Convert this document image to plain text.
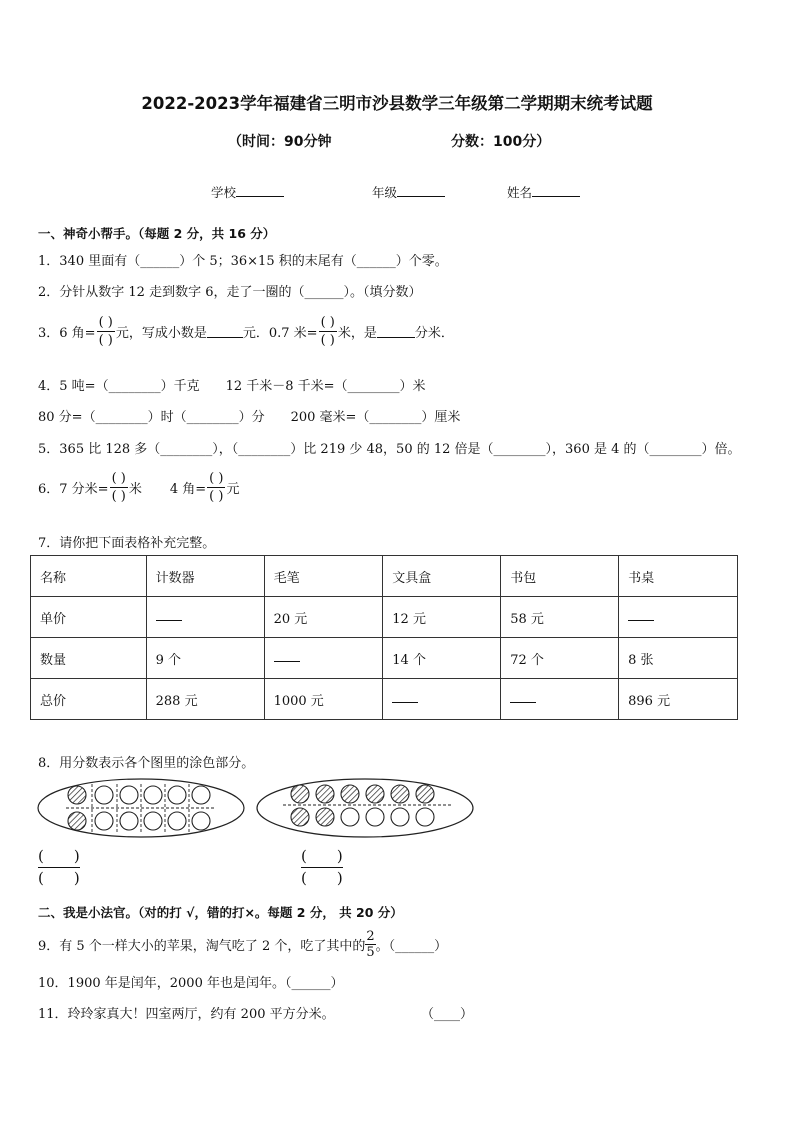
2022-2023学年福建省三明市沙县数学三年级第二学期期末统考试题
（时间：90分钟	分数：100分）
学校	年级	姓名
一、神奇小帮手。（每题 2 分，共 16 分）
1．340 里面有（______）个 5；36×15 积的末尾有（______）个零。
2．分针从数字 12 走到数字 6，走了一圈的（______）。（填分数）
3．6 角= $\frac{( )}{( )}$ 元，写成小数是	元．0.7 米= $\frac{( )}{( )}$ 米，是	分米．
4．5 吨=（________）千克　　12 千米－8 千米=（________）米
80 分=（________）时（________）分　　200 毫米=（________）厘米
5．365 比 128 多（________），（________）比 219 少 48，50 的 12 倍是（________），360 是 4 的（________）倍。
6．7 分米= $\frac{( )}{( )}$ 米 4 角= $\frac{( )}{( )}$ 元
7．请你把下面表格补充完整。
名称	计数器	毛笔	文具盒	书包	书桌
单价		20 元	12 元	58 元	
数量	9 个		14 个	72 个	8 张
总价	288 元	1000 元			896 元
8．用分数表示各个图里的涂色部分。
(　　)
(　　)
(　　)
(　　)
二、我是小法官。（对的打 √，错的打×。每题 2 分， 共 20 分）
9．有 5 个一样大小的苹果，淘气吃了 2 个，吃了其中的
2
5 。（______）
10．1900 年是闰年，2000 年也是闰年。（______）
11．玲玲家真大！四室两厅，约有 200 平方分米。	（____）
